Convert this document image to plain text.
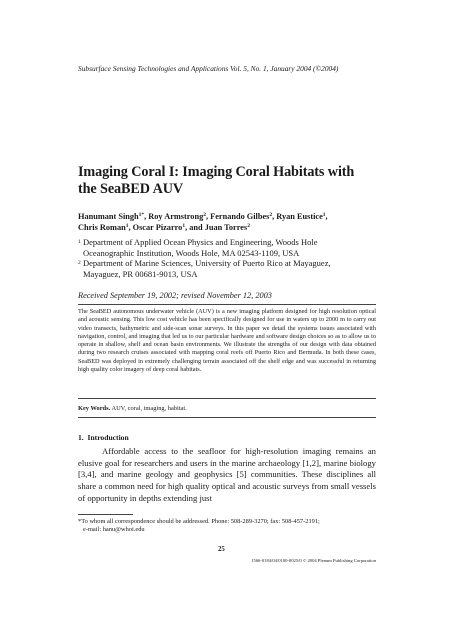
Subsurface Sensing Technologies and Applications Vol. 5, No. 1, January 2004 (©2004)
Imaging Coral I: Imaging Coral Habitats with
the SeaBED AUV
Hanumant Singh$^{1*}$, Roy Armstrong$^2$, Fernando Gilbes$^2$, Ryan Eustice$^1$,
Chris Roman$^1$, Oscar Pizarro$^1$, and Juan Torres$^2$
1 Department of Applied Ocean Physics and Engineering, Woods Hole
Oceanographic Institution, Woods Hole, MA 02543-1109, USA
2 Department of Marine Sciences, University of Puerto Rico at Mayaguez,
Mayaguez, PR 00681-9013, USA
Received September 19, 2002; revised November 12, 2003
The SeaBED autonomous underwater vehicle (AUV) is a new imaging platform designed for high resolution optical and acoustic sensing. This low cost vehicle has been specifically designed for use in waters up to 2000 m to carry out video transects, bathymetric and side-scan sonar surveys. In this paper we detail the systems issues associated with navigation, control, and imaging that led us to our particular hardware and software design choices so as to allow us to operate in shallow, shelf and ocean basin environments. We illustrate the strengths of our design with data obtained during two research cruises associated with mapping coral reefs off Puerto Rico and Bermuda. In both these cases, SeaBED was deployed in extremely challenging terrain associated off the shelf edge and was successful in returning high quality color imagery of deep coral habitats.
Key Words. AUV, coral, imaging, habitat.
1. Introduction
Affordable access to the seafloor for high-resolution imaging remains an elusive goal for researchers and users in the marine archaeology [1,2], marine biology [3,4], and marine geology and geophysics [5] communities. These disciplines all share a common need for high quality optical and acoustic surveys from small vessels of opportunity in depths extending just
*To whom all correspondence should be addressed. Phone: 508-289-3270; fax: 508-457-2191;
e-mail: hanu@whoi.edu
25
1566-0184/04/0100-0025/0 © 2004 Plenum Publishing Corporation
